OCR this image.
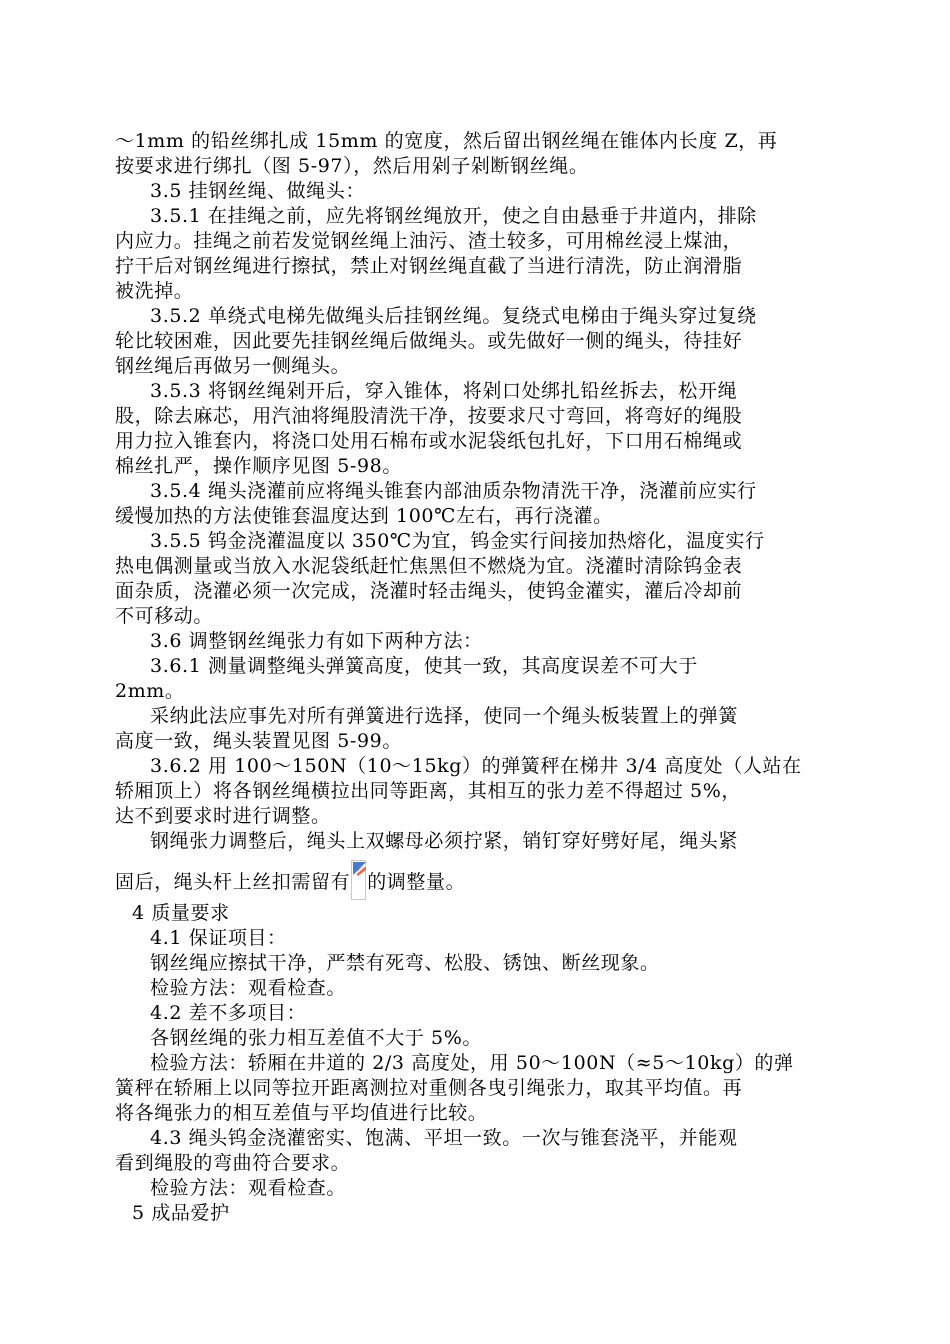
～1mm 的铅丝绑扎成 15mm 的宽度，然后留出钢丝绳在锥体内长度 Z，再
按要求进行绑扎（图 5-97），然后用剁子剁断钢丝绳。
3.5 挂钢丝绳、做绳头：
3.5.1 在挂绳之前，应先将钢丝绳放开，使之自由悬垂于井道内，排除
内应力。挂绳之前若发觉钢丝绳上油污、渣土较多，可用棉丝浸上煤油，
拧干后对钢丝绳进行擦拭，禁止对钢丝绳直截了当进行清洗，防止润滑脂
被洗掉。
3.5.2 单绕式电梯先做绳头后挂钢丝绳。复绕式电梯由于绳头穿过复绕
轮比较困难，因此要先挂钢丝绳后做绳头。或先做好一侧的绳头，待挂好
钢丝绳后再做另一侧绳头。
3.5.3 将钢丝绳剁开后，穿入锥体，将剁口处绑扎铅丝拆去，松开绳
股，除去麻芯，用汽油将绳股清洗干净，按要求尺寸弯回，将弯好的绳股
用力拉入锥套内，将浇口处用石棉布或水泥袋纸包扎好，下口用石棉绳或
棉丝扎严，操作顺序见图 5-98。
3.5.4 绳头浇灌前应将绳头锥套内部油质杂物清洗干净，浇灌前应实行
缓慢加热的方法使锥套温度达到 100℃左右，再行浇灌。
3.5.5 钨金浇灌温度以 350℃为宜，钨金实行间接加热熔化，温度实行
热电偶测量或当放入水泥袋纸赶忙焦黑但不燃烧为宜。浇灌时清除钨金表
面杂质，浇灌必须一次完成，浇灌时轻击绳头，使钨金灌实，灌后冷却前
不可移动。
3.6 调整钢丝绳张力有如下两种方法：
3.6.1 测量调整绳头弹簧高度，使其一致，其高度误差不可大于
2mm。
采纳此法应事先对所有弹簧进行选择，使同一个绳头板装置上的弹簧
高度一致，绳头装置见图 5-99。
3.6.2 用 100～150N（10～15kg）的弹簧秤在梯井 3/4 高度处（人站在
轿厢顶上）将各钢丝绳横拉出同等距离，其相互的张力差不得超过 5%，
达不到要求时进行调整。
钢绳张力调整后，绳头上双螺母必须拧紧，销钉穿好劈好尾，绳头紧
固后，绳头杆上丝扣需留有 的调整量。
4 质量要求
4.1 保证项目：
钢丝绳应擦拭干净，严禁有死弯、松股、锈蚀、断丝现象。
检验方法：观看检查。
4.2 差不多项目：
各钢丝绳的张力相互差值不大于 5%。
检验方法：轿厢在井道的 2/3 高度处，用 50～100N（≈5～10kg）的弹
簧秤在轿厢上以同等拉开距离测拉对重侧各曳引绳张力，取其平均值。再
将各绳张力的相互差值与平均值进行比较。
4.3 绳头钨金浇灌密实、饱满、平坦一致。一次与锥套浇平，并能观
看到绳股的弯曲符合要求。
检验方法：观看检查。
5 成品爱护
